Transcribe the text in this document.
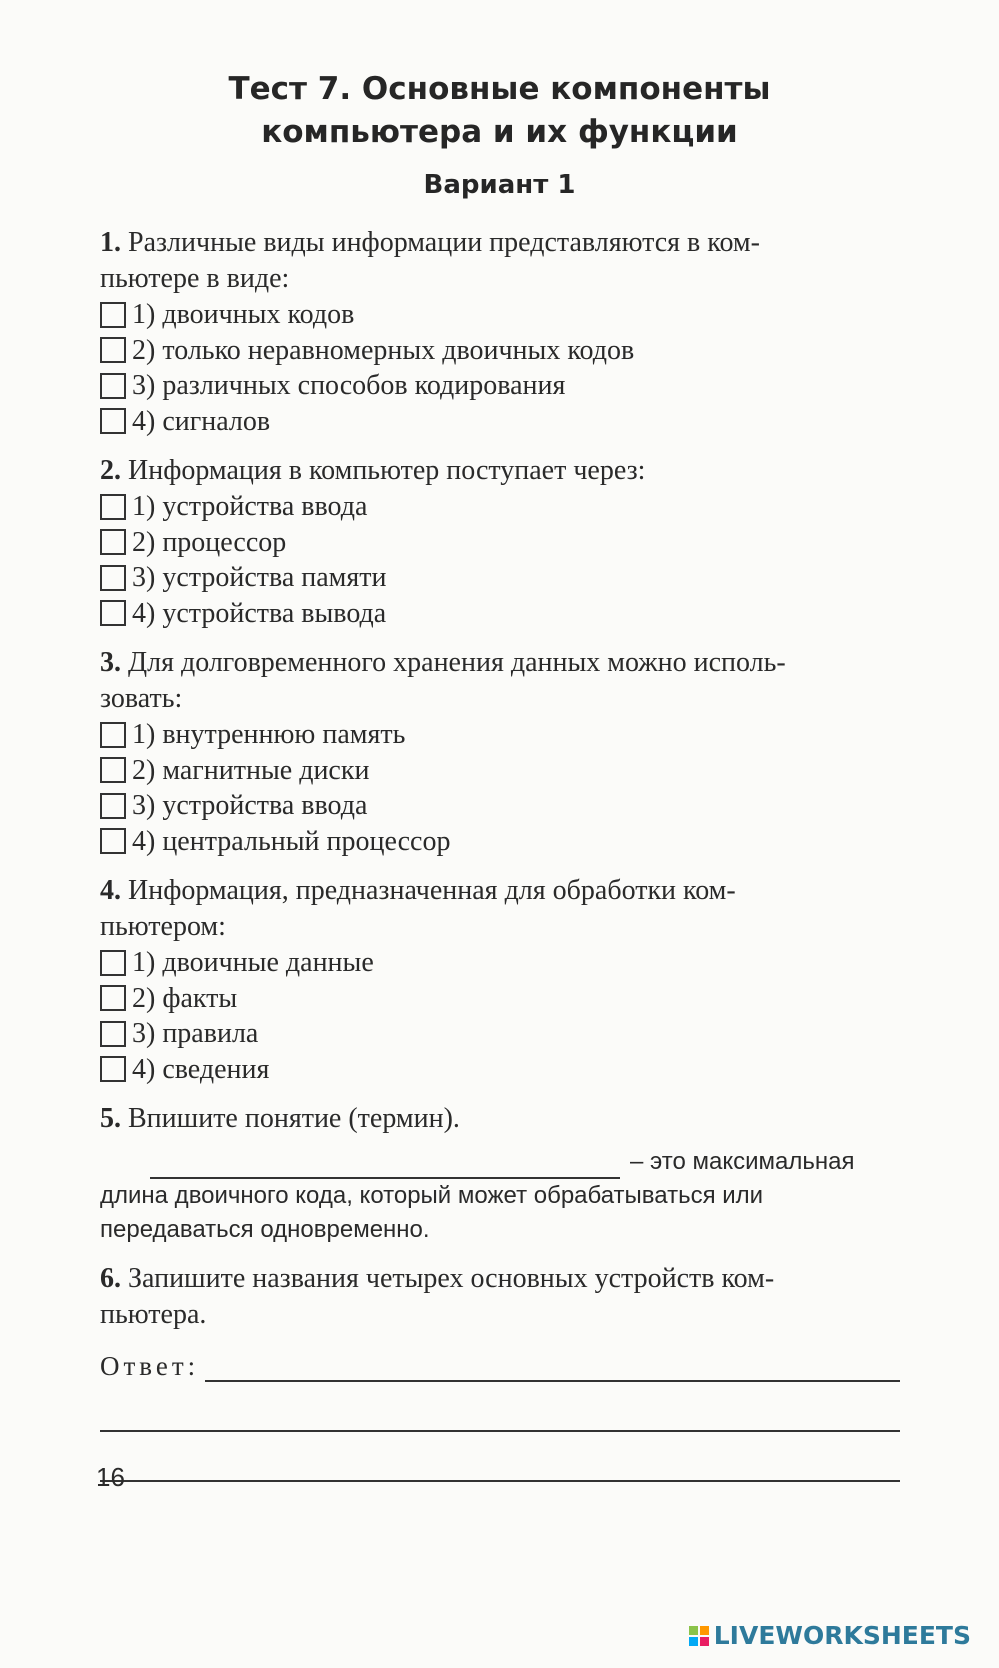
Тест 7. Основные компоненты
компьютера и их функции
Вариант 1

1. Различные виды информации представляются в ком-

пьютере в виде:

1) двоичных кодов
2) только неравномерных двоичных кодов
3) различных способов кодирования
4) сигналов

2. Информация в компьютер поступает через:

1) устройства ввода
2) процессор
3) устройства памяти
4) устройства вывода

3. Для долговременного хранения данных можно исполь-

зовать:

1) внутреннюю память
2) магнитные диски
3) устройства ввода
4) центральный процессор

4. Информация, предназначенная для обработки ком-

пьютером:

1) двоичные данные
2) факты
3) правила
4) сведения

5. Впишите понятие (термин).

– это максимальная
длина двоичного кода, который может обрабатываться или
передаваться одновременно.

6. Запишите названия четырех основных устройств ком-

пьютера.

Ответ:
16
LIVEWORKSHEETS
